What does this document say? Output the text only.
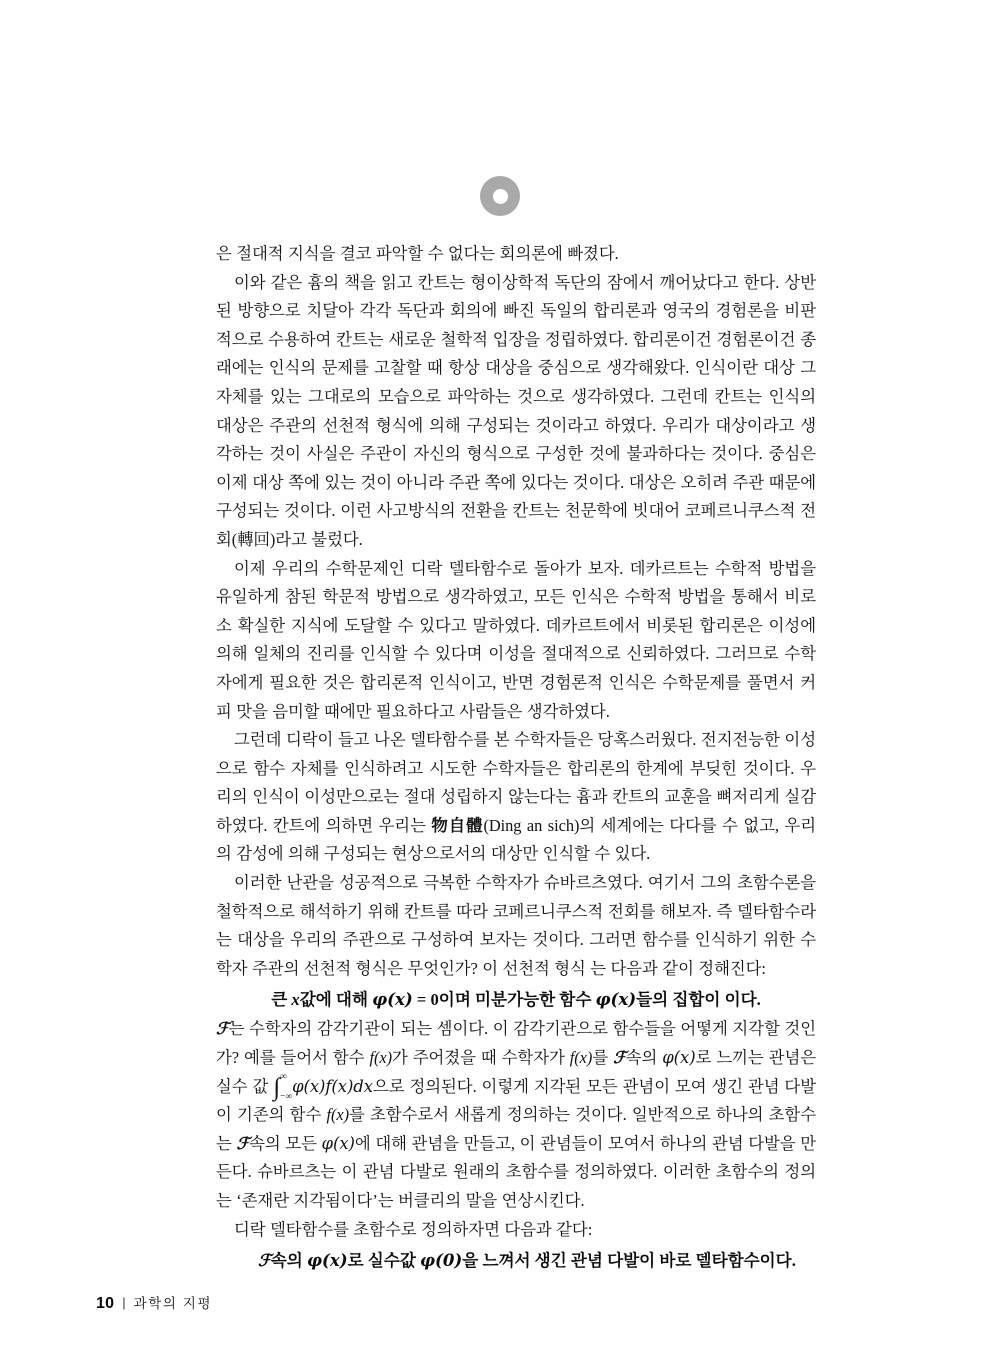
은 절대적 지식을 결코 파악할 수 없다는 회의론에 빠졌다.

이와 같은 흄의 책을 읽고 칸트는 형이상학적 독단의 잠에서 깨어났다고 한다. 상반된 방향으로 치달아 각각 독단과 회의에 빠진 독일의 합리론과 영국의 경험론을 비판적으로 수용하여 칸트는 새로운 철학적 입장을 정립하였다. 합리론이건 경험론이건 종래에는 인식의 문제를 고찰할 때 항상 대상을 중심으로 생각해왔다. 인식이란 대상 그 자체를 있는 그대로의 모습으로 파악하는 것으로 생각하였다. 그런데 칸트는 인식의 대상은 주관의 선천적 형식에 의해 구성되는 것이라고 하였다. 우리가 대상이라고 생각하는 것이 사실은 주관이 자신의 형식으로 구성한 것에 불과하다는 것이다. 중심은 이제 대상 쪽에 있는 것이 아니라 주관 쪽에 있다는 것이다. 대상은 오히려 주관 때문에 구성되는 것이다. 이런 사고방식의 전환을 칸트는 천문학에 빗대어 코페르니쿠스적 전회(轉回)라고 불렀다.

이제 우리의 수학문제인 디락 델타함수로 돌아가 보자. 데카르트는 수학적 방법을 유일하게 참된 학문적 방법으로 생각하였고, 모든 인식은 수학적 방법을 통해서 비로소 확실한 지식에 도달할 수 있다고 말하였다. 데카르트에서 비롯된 합리론은 이성에 의해 일체의 진리를 인식할 수 있다며 이성을 절대적으로 신뢰하였다. 그러므로 수학자에게 필요한 것은 합리론적 인식이고, 반면 경험론적 인식은 수학문제를 풀면서 커피 맛을 음미할 때에만 필요하다고 사람들은 생각하였다.

그런데 디락이 들고 나온 델타함수를 본 수학자들은 당혹스러웠다. 전지전능한 이성으로 함수 자체를 인식하려고 시도한 수학자들은 합리론의 한계에 부딪힌 것이다. 우리의 인식이 이성만으로는 절대 성립하지 않는다는 흄과 칸트의 교훈을 뼈저리게 실감하였다. 칸트에 의하면 우리는 物自體(Ding an sich)의 세계에는 다다를 수 없고, 우리의 감성에 의해 구성되는 현상으로서의 대상만 인식할 수 있다.

이러한 난관을 성공적으로 극복한 수학자가 슈바르츠였다. 여기서 그의 초함수론을 철학적으로 해석하기 위해 칸트를 따라 코페르니쿠스적 전회를 해보자. 즉 델타함수라는 대상을 우리의 주관으로 구성하여 보자는 것이다. 그러면 함수를 인식하기 위한 수학자 주관의 선천적 형식은 무엇인가? 이 선천적 형식 는 다음과 같이 정해진다:

큰 x값에 대해 φ(x) = 0이며 미분가능한 함수 φ(x)들의 집합이 이다.

ℱ는 수학자의 감각기관이 되는 셈이다. 이 감각기관으로 함수들을 어떻게 지각할 것인가? 예를 들어서 함수 f(x)가 주어졌을 때 수학자가 f(x)를 ℱ속의 φ(x)로 느끼는 관념은 실수 값 ∫ ∞
−∞
φ(x)f(x)dx으로 정의된다. 이렇게 지각된 모든 관념이 모여 생긴 관념 다발이 기존의 함수 f(x)를 초함수로서 새롭게 정의하는 것이다. 일반적으로 하나의 초함수는 ℱ속의 모든 φ(x)에 대해 관념을 만들고, 이 관념들이 모여서 하나의 관념 다발을 만든다. 슈바르츠는 이 관념 다발로 원래의 초함수를 정의하였다. 이러한 초함수의 정의는 ‘존재란 지각됨이다’는 버클리의 말을 연상시킨다.

디락 델타함수를 초함수로 정의하자면 다음과 같다:

ℱ속의 φ(x)로 실수값 φ(0)을 느껴서 생긴 관념 다발이 바로 델타함수이다.

10 | 과학의 지평
